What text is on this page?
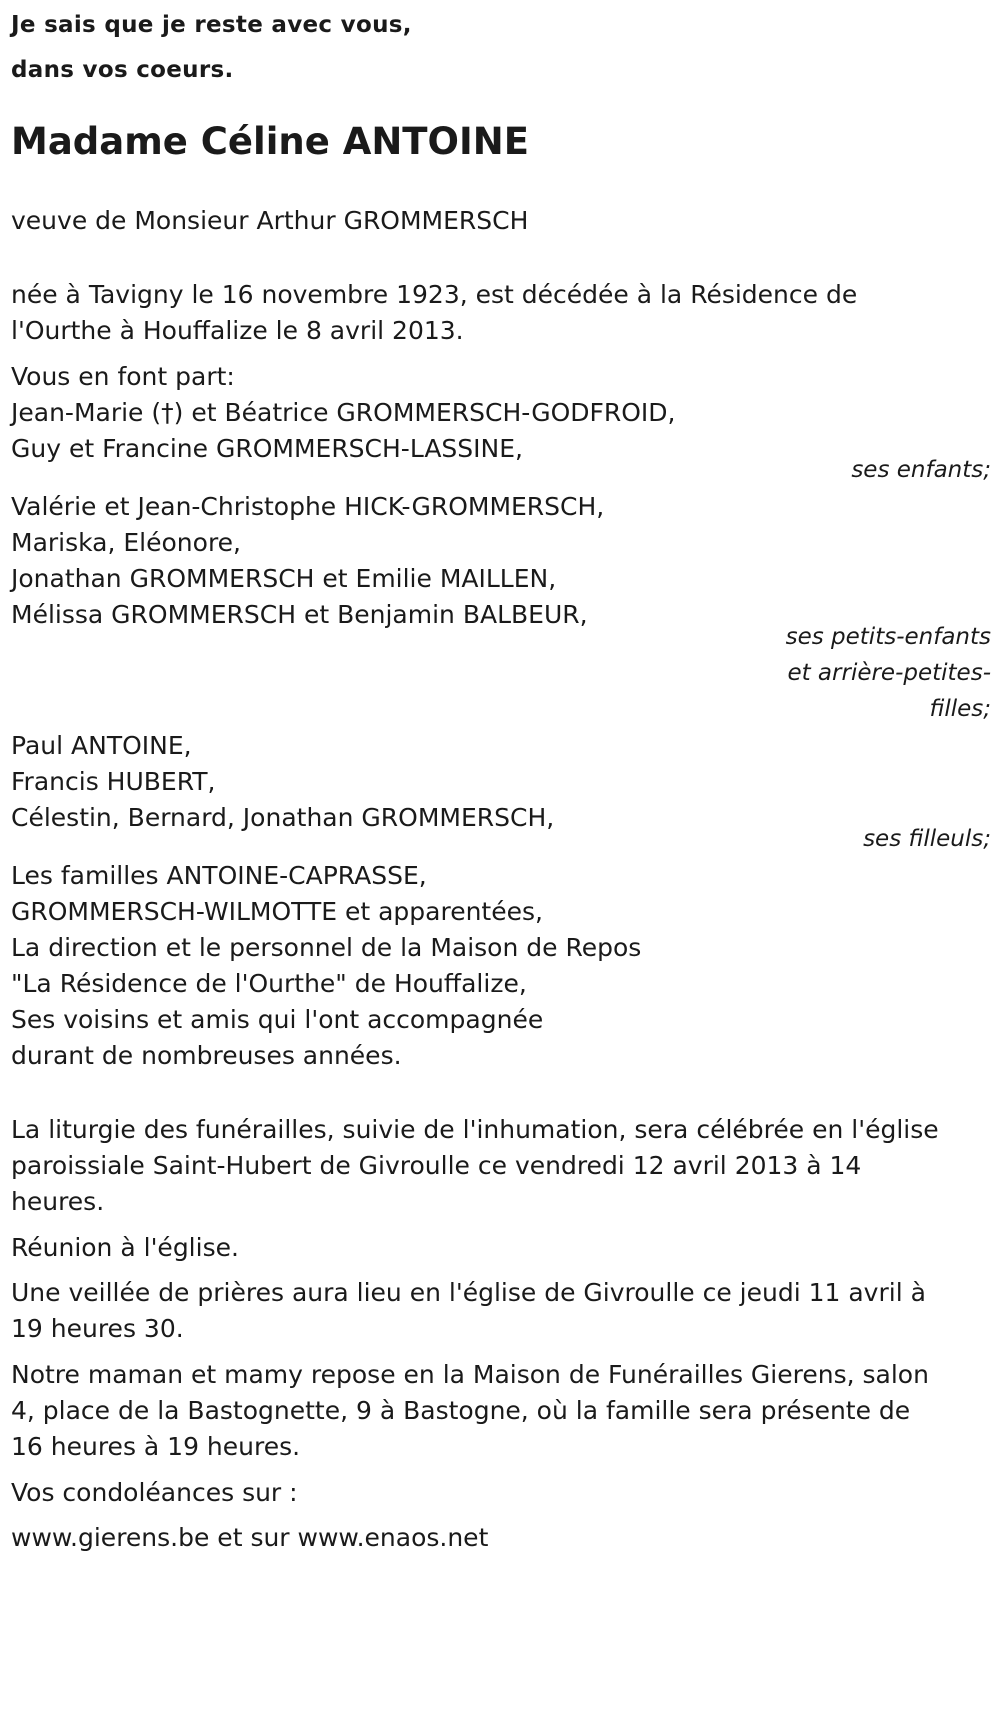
Je sais que je reste avec vous,

dans vos coeurs.

Madame Céline ANTOINE

veuve de Monsieur Arthur GROMMERSCH

née à Tavigny le 16 novembre 1923, est décédée à la Résidence de

l'Ourthe à Houffalize le 8 avril 2013.

Vous en font part:

Jean-Marie (†) et Béatrice GROMMERSCH-GODFROID,

Guy et Francine GROMMERSCH-LASSINE,

ses enfants;

Valérie et Jean-Christophe HICK-GROMMERSCH,

Mariska, Eléonore,

Jonathan GROMMERSCH et Emilie MAILLEN,

Mélissa GROMMERSCH et Benjamin BALBEUR,

ses petits-enfants

et arrière-petites-

filles;

Paul ANTOINE,

Francis HUBERT,

Célestin, Bernard, Jonathan GROMMERSCH,

ses filleuls;

Les familles ANTOINE-CAPRASSE,

GROMMERSCH-WILMOTTE et apparentées,

La direction et le personnel de la Maison de Repos

"La Résidence de l'Ourthe" de Houffalize,

Ses voisins et amis qui l'ont accompagnée

durant de nombreuses années.

La liturgie des funérailles, suivie de l'inhumation, sera célébrée en l'église

paroissiale Saint-Hubert de Givroulle ce vendredi 12 avril 2013 à 14

heures.

Réunion à l'église.

Une veillée de prières aura lieu en l'église de Givroulle ce jeudi 11 avril à

19 heures 30.

Notre maman et mamy repose en la Maison de Funérailles Gierens, salon

4, place de la Bastognette, 9 à Bastogne, où la famille sera présente de

16 heures à 19 heures.

Vos condoléances sur :

www.gierens.be et sur www.enaos.net
